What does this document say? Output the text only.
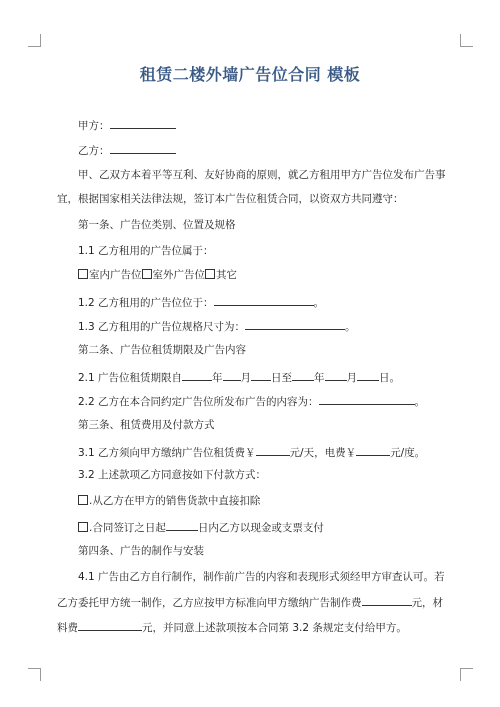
租赁二楼外墙广告位合同 模板
甲方：
乙方：
甲、乙双方本着平等互利、友好协商的原则，就乙方租用甲方广告位发布广告事
宜，根据国家相关法律法规，签订本广告位租赁合同，以资双方共同遵守：
第一条、广告位类别、位置及规格
1.1 乙方租用的广告位属于：
室内广告位 室外广告位 其它
1.2 乙方租用的广告位位于：	。
1.3 乙方租用的广告位规格尺寸为：	。
第二条、广告位租赁期限及广告内容
2.1 广告位租赁期限自	年 月 日至 年 月 日。
2.2 乙方在本合同约定广告位所发布广告的内容为：	。
第三条、租赁费用及付款方式
3.1 乙方须向甲方缴纳广告位租赁费￥	元/天，电费￥	元/度。
3.2 上述款项乙方同意按如下付款方式：
.从乙方在甲方的销售货款中直接扣除
.合同签订之日起	日内乙方以现金或支票支付
第四条、广告的制作与安装
4.1 广告由乙方自行制作，制作前广告的内容和表现形式须经甲方审查认可。若
乙方委托甲方统一制作，乙方应按甲方标准向甲方缴纳广告制作费	元，材
料费	元，并同意上述款项按本合同第 3.2 条规定支付给甲方。
